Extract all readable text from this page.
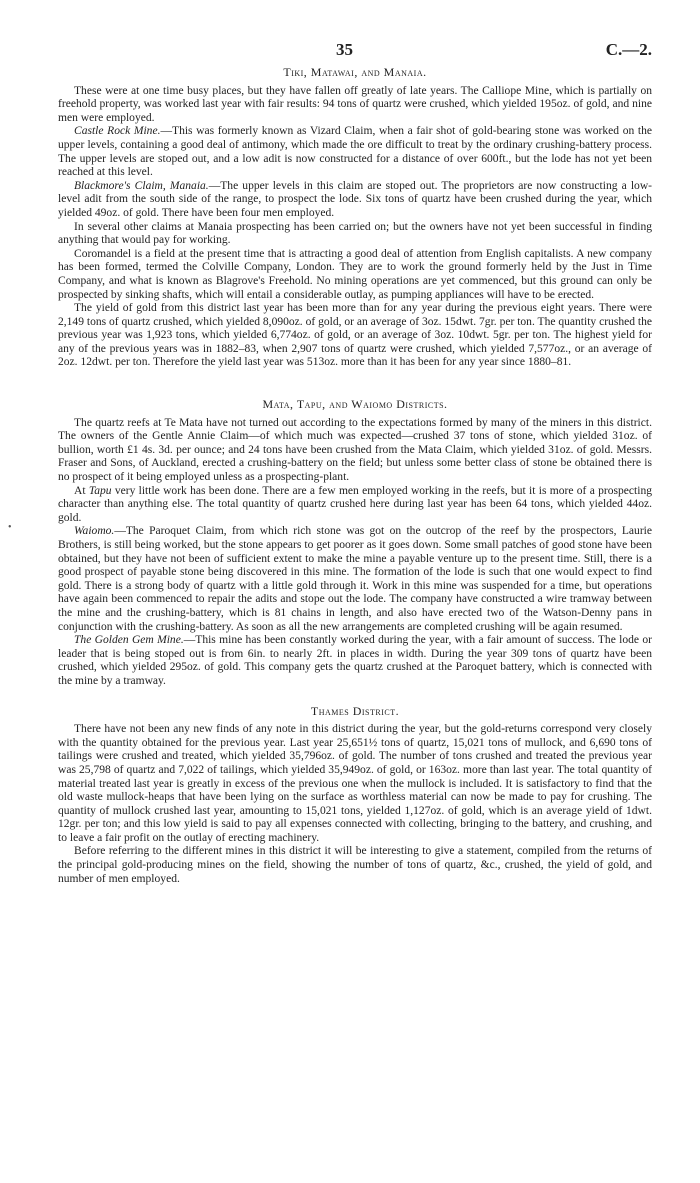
35	C.—2.
•
Tiki, Matawai, and Manaia.

These were at one time busy places, but they have fallen off greatly of late years. The Calliope Mine, which is partially on freehold property, was worked last year with fair results: 94 tons of quartz were crushed, which yielded 195oz. of gold, and nine men were employed.

Castle Rock Mine.—This was formerly known as Vizard Claim, when a fair shot of gold-bearing stone was worked on the upper levels, containing a good deal of antimony, which made the ore difficult to treat by the ordinary crushing-battery process. The upper levels are stoped out, and a low adit is now constructed for a distance of over 600ft., but the lode has not yet been reached at this level.

Blackmore's Claim, Manaia.—The upper levels in this claim are stoped out. The proprietors are now constructing a low-level adit from the south side of the range, to prospect the lode. Six tons of quartz have been crushed during the year, which yielded 49oz. of gold. There have been four men employed.

In several other claims at Manaia prospecting has been carried on; but the owners have not yet been successful in finding anything that would pay for working.

Coromandel is a field at the present time that is attracting a good deal of attention from English capitalists. A new company has been formed, termed the Colville Company, London. They are to work the ground formerly held by the Just in Time Company, and what is known as Blagrove's Freehold. No mining operations are yet commenced, but this ground can only be prospected by sinking shafts, which will entail a considerable outlay, as pumping appliances will have to be erected.

The yield of gold from this district last year has been more than for any year during the previous eight years. There were 2,149 tons of quartz crushed, which yielded 8,090oz. of gold, or an average of 3oz. 15dwt. 7gr. per ton. The quantity crushed the previous year was 1,923 tons, which yielded 6,774oz. of gold, or an average of 3oz. 10dwt. 5gr. per ton. The highest yield for any of the previous years was in 1882–83, when 2,907 tons of quartz were crushed, which yielded 7,577oz., or an average of 2oz. 12dwt. per ton. Therefore the yield last year was 513oz. more than it has been for any year since 1880–81.

Mata, Tapu, and Waiomo Districts.

The quartz reefs at Te Mata have not turned out according to the expectations formed by many of the miners in this district. The owners of the Gentle Annie Claim—of which much was expected—crushed 37 tons of stone, which yielded 31oz. of bullion, worth £1 4s. 3d. per ounce; and 24 tons have been crushed from the Mata Claim, which yielded 31oz. of gold. Messrs. Fraser and Sons, of Auckland, erected a crushing-battery on the field; but unless some better class of stone be obtained there is no prospect of it being employed unless as a prospecting-plant.

At Tapu very little work has been done. There are a few men employed working in the reefs, but it is more of a prospecting character than anything else. The total quantity of quartz crushed here during last year has been 64 tons, which yielded 44oz. gold.

Waiomo.—The Paroquet Claim, from which rich stone was got on the outcrop of the reef by the prospectors, Laurie Brothers, is still being worked, but the stone appears to get poorer as it goes down. Some small patches of good stone have been obtained, but they have not been of sufficient extent to make the mine a payable venture up to the present time. Still, there is a good prospect of payable stone being discovered in this mine. The formation of the lode is such that one would expect to find gold. There is a strong body of quartz with a little gold through it. Work in this mine was suspended for a time, but operations have again been commenced to repair the adits and stope out the lode. The company have constructed a wire tramway between the mine and the crushing-battery, which is 81 chains in length, and also have erected two of the Watson-Denny pans in conjunction with the crushing-battery. As soon as all the new arrangements are completed crushing will be again resumed.

The Golden Gem Mine.—This mine has been constantly worked during the year, with a fair amount of success. The lode or leader that is being stoped out is from 6in. to nearly 2ft. in places in width. During the year 309 tons of quartz have been crushed, which yielded 295oz. of gold. This company gets the quartz crushed at the Paroquet battery, which is connected with the mine by a tramway.

Thames District.

There have not been any new finds of any note in this district during the year, but the gold-returns correspond very closely with the quantity obtained for the previous year. Last year 25,651½ tons of quartz, 15,021 tons of mullock, and 6,690 tons of tailings were crushed and treated, which yielded 35,796oz. of gold. The number of tons crushed and treated the previous year was 25,798 of quartz and 7,022 of tailings, which yielded 35,949oz. of gold, or 163oz. more than last year. The total quantity of material treated last year is greatly in excess of the previous one when the mullock is included. It is satisfactory to find that the old waste mullock-heaps that have been lying on the surface as worthless material can now be made to pay for crushing. The quantity of mullock crushed last year, amounting to 15,021 tons, yielded 1,127oz. of gold, which is an average yield of 1dwt. 12gr. per ton; and this low yield is said to pay all expenses connected with collecting, bringing to the battery, and crushing, and to leave a fair profit on the outlay of erecting machinery.

Before referring to the different mines in this district it will be interesting to give a statement, compiled from the returns of the principal gold-producing mines on the field, showing the number of tons of quartz, &c., crushed, the yield of gold, and number of men employed.
